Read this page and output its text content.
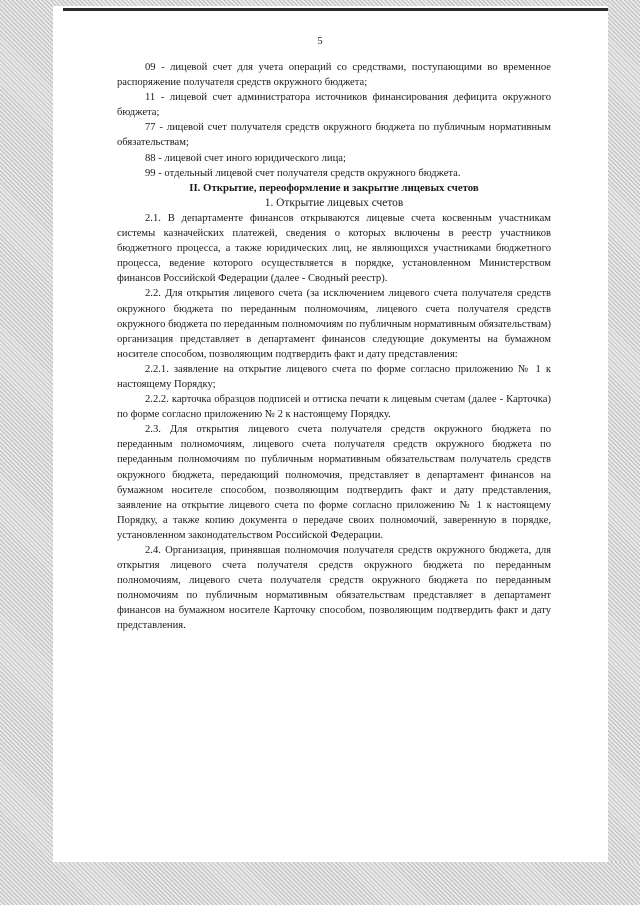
5

09 - лицевой счет для учета операций со средствами, поступающими во временное распоряжение получателя средств окружного бюджета;

11 - лицевой счет администратора источников финансирования дефицита окружного бюджета;

77 - лицевой счет получателя средств окружного бюджета по публичным нормативным обязательствам;

88 - лицевой счет иного юридического лица;

99 - отдельный лицевой счет получателя средств окружного бюджета.

II. Открытие, переоформление и закрытие лицевых счетов

1. Открытие лицевых счетов

2.1. В департаменте финансов открываются лицевые счета косвенным участникам системы казначейских платежей, сведения о которых включены в реестр участников бюджетного процесса, а также юридических лиц, не являющихся участниками бюджетного процесса, ведение которого осуществляется в порядке, установленном Министерством финансов Российской Федерации (далее - Сводный реестр).

2.2. Для открытия лицевого счета (за исключением лицевого счета получателя средств окружного бюджета по переданным полномочиям, лицевого счета получателя средств окружного бюджета по переданным полномочиям по публичным нормативным обязательствам) организация представляет в департамент финансов следующие документы на бумажном носителе способом, позволяющим подтвердить факт и дату представления:

2.2.1. заявление на открытие лицевого счета по форме согласно приложению № 1 к настоящему Порядку;

2.2.2. карточка образцов подписей и оттиска печати к лицевым счетам (далее - Карточка) по форме согласно приложению № 2 к настоящему Порядку.

2.3. Для открытия лицевого счета получателя средств окружного бюджета по переданным полномочиям, лицевого счета получателя средств окружного бюджета по переданным полномочиям по публичным нормативным обязательствам получатель средств окружного бюджета, передающий полномочия, представляет в департамент финансов на бумажном носителе способом, позволяющим подтвердить факт и дату представления, заявление на открытие лицевого счета по форме согласно приложению № 1 к настоящему Порядку, а также копию документа о передаче своих полномочий, заверенную в порядке, установленном законодательством Российской Федерации.

2.4. Организация, принявшая полномочия получателя средств окружного бюджета, для открытия лицевого счета получателя средств окружного бюджета по переданным полномочиям, лицевого счета получателя средств окружного бюджета по переданным полномочиям по публичным нормативным обязательствам представляет в департамент финансов на бумажном носителе Карточку способом, позволяющим подтвердить факт и дату представления.
